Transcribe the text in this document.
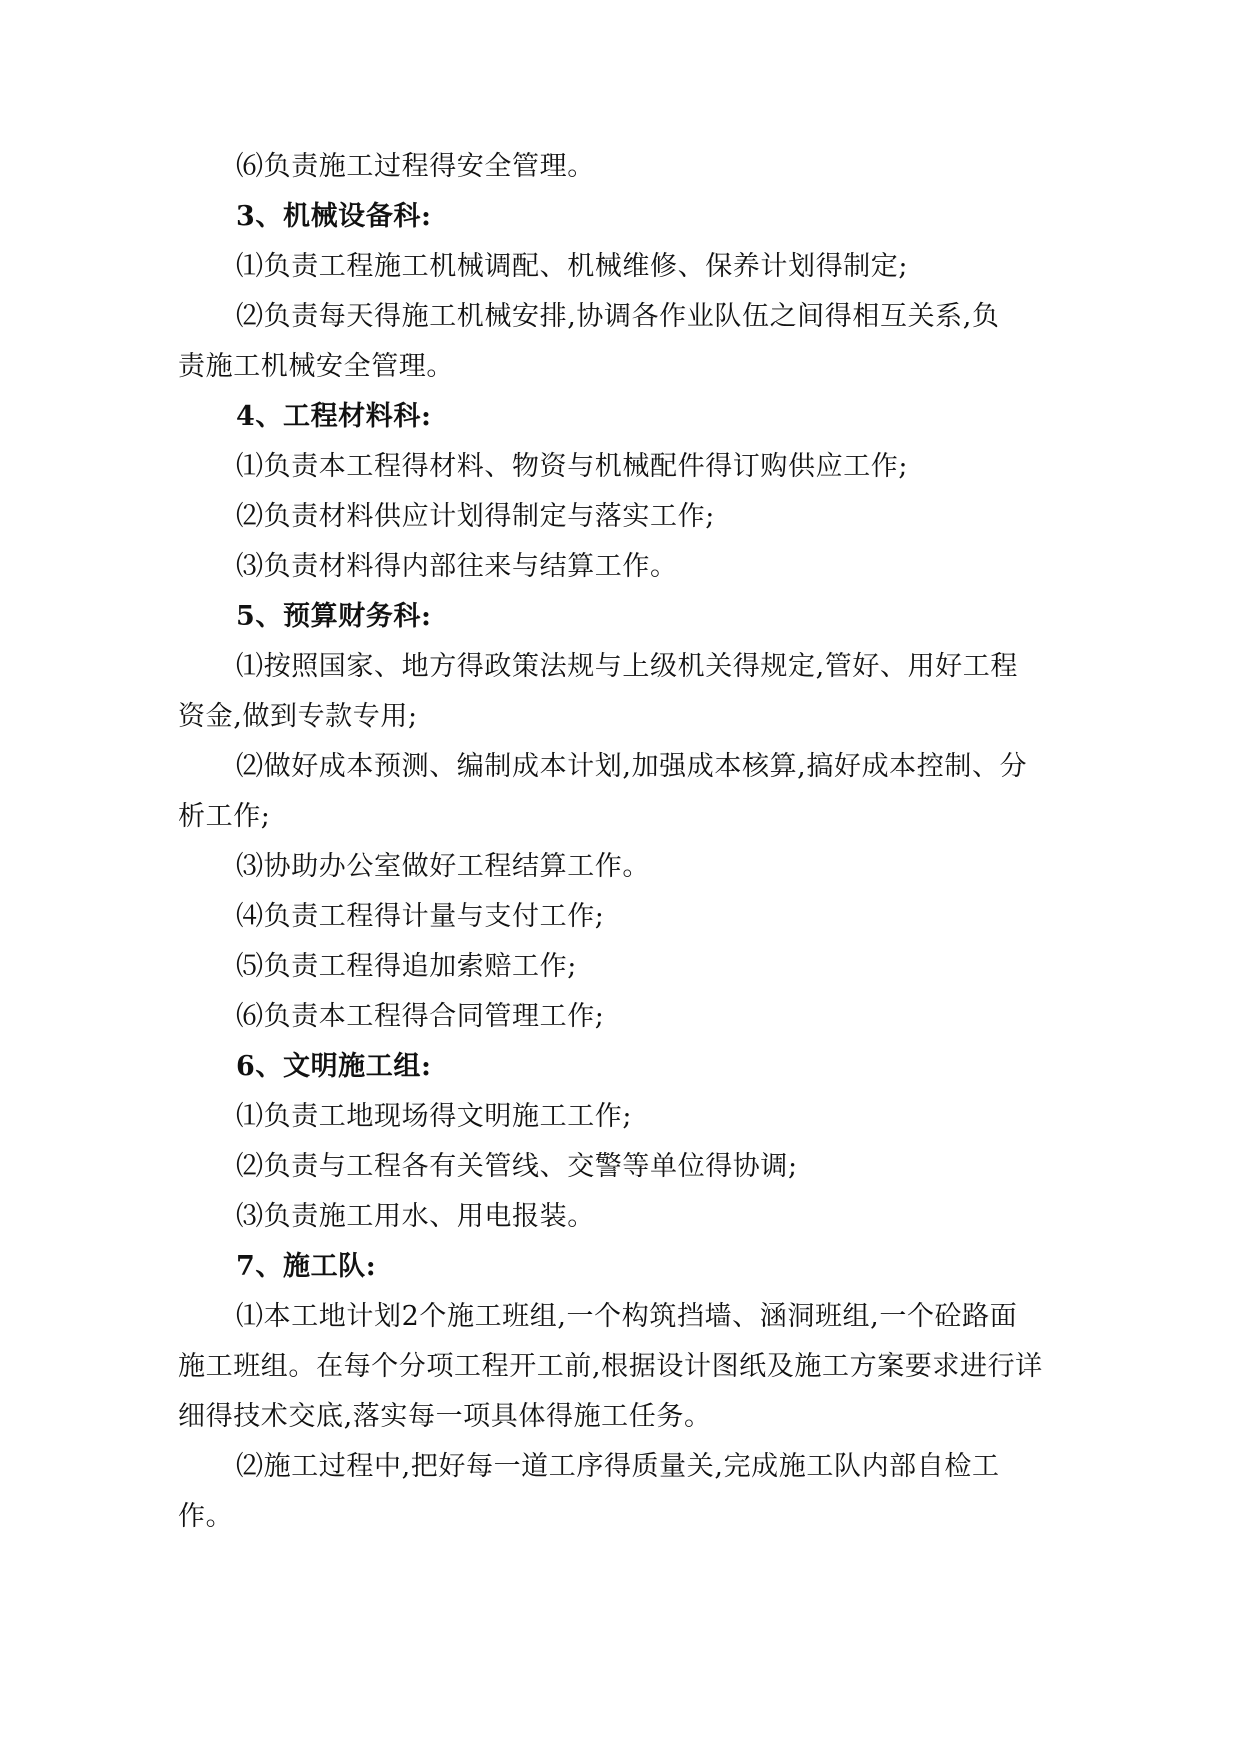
⑹负责施工过程得安全管理。
3、机械设备科:
⑴负责工程施工机械调配、机械维修、保养计划得制定;
⑵负责每天得施工机械安排,协调各作业队伍之间得相互关系,负
责施工机械安全管理。
4、工程材料科:
⑴负责本工程得材料、物资与机械配件得订购供应工作;
⑵负责材料供应计划得制定与落实工作;
⑶负责材料得内部往来与结算工作。
5、预算财务科:
⑴按照国家、地方得政策法规与上级机关得规定,管好、用好工程
资金,做到专款专用;
⑵做好成本预测、编制成本计划,加强成本核算,搞好成本控制、分
析工作;
⑶协助办公室做好工程结算工作。
⑷负责工程得计量与支付工作;
⑸负责工程得追加索赔工作;
⑹负责本工程得合同管理工作;
6、文明施工组:
⑴负责工地现场得文明施工工作;
⑵负责与工程各有关管线、交警等单位得协调;
⑶负责施工用水、用电报装。
7、施工队:
⑴本工地计划2个施工班组,一个构筑挡墙、涵洞班组,一个砼路面
施工班组。在每个分项工程开工前,根据设计图纸及施工方案要求进行详
细得技术交底,落实每一项具体得施工任务。
⑵施工过程中,把好每一道工序得质量关,完成施工队内部自检工
作。
